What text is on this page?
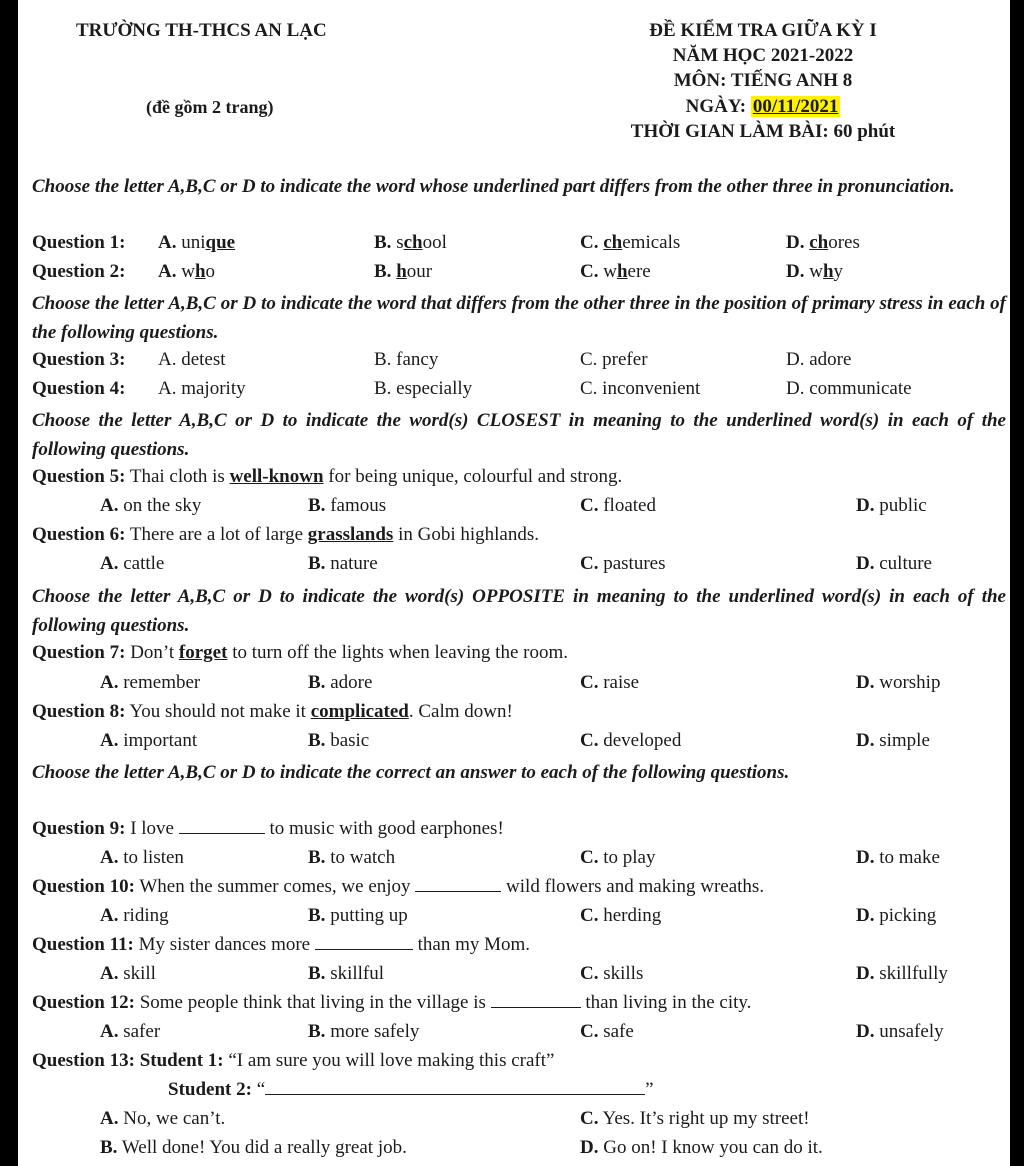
TRƯỜNG TH-THCS AN LẠC
(đề gồm 2 trang)
ĐỀ KIỂM TRA GIỮA KỲ I
NĂM HỌC 2021-2022
MÔN: TIẾNG ANH 8
NGÀY: 00/11/2021
THỜI GIAN LÀM BÀI: 60 phút
Choose the letter A,B,C or D to indicate the word whose underlined part differs from the other three in pronunciation.
Question 1: A. unique	B. school	C. chemicals	D. chores
Question 2: A. who	B. hour	C. where	D. why
Choose the letter A,B,C or D to indicate the word that differs from the other three in the position of primary stress in each of the following questions.
Question 3: A. detest	B. fancy	C. prefer	D. adore
Question 4: A. majority	B. especially	C. inconvenient	D. communicate
Choose the letter A,B,C or D to indicate the word(s) CLOSEST in meaning to the underlined word(s) in each of the following questions.
Question 5: Thai cloth is well-known for being unique, colourful and strong.
A. on the sky	B. famous	C. floated	D. public
Question 6: There are a lot of large grasslands in Gobi highlands.
A. cattle	B. nature	C. pastures	D. culture
Choose the letter A,B,C or D to indicate the word(s) OPPOSITE in meaning to the underlined word(s) in each of the following questions.
Question 7: Don’t forget to turn off the lights when leaving the room.
A. remember	B. adore	C. raise	D. worship
Question 8: You should not make it complicated. Calm down!
A. important	B. basic	C. developed	D. simple
Choose the letter A,B,C or D to indicate the correct an answer to each of the following questions.
Question 9: I love	to music with good earphones!
A. to listen	B. to watch	C. to play	D. to make
Question 10: When the summer comes, we enjoy	wild flowers and making wreaths.
A. riding	B. putting up	C. herding	D. picking
Question 11: My sister dances more	than my Mom.
A. skill	B. skillful	C. skills	D. skillfully
Question 12: Some people think that living in the village is	than living in the city.
A. safer	B. more safely	C. safe	D. unsafely
Question 13: Student 1: “I am sure you will love making this craft”
Student 2: “	”
A. No, we can’t.	C. Yes. It’s right up my street!
B. Well done! You did a really great job.	D. Go on! I know you can do it.
